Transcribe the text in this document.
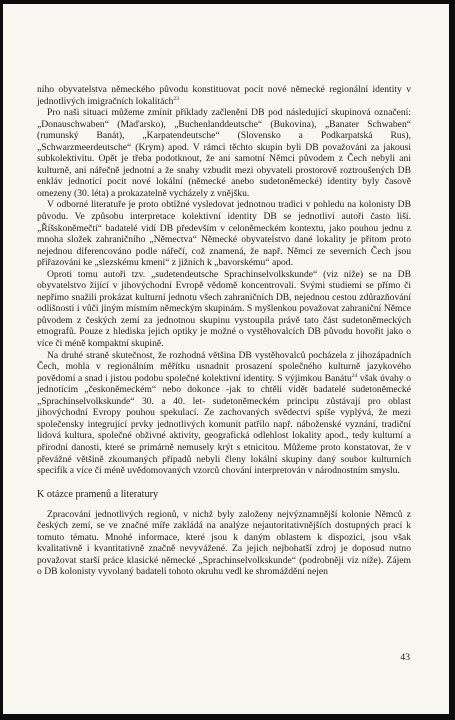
ního obyvatelstva německého původu konstituovat pocit nové německé regionální identity v jednotlivých imigračních lokalitách$^{23}$

Pro naši situaci můžeme zmínit příklady začlenění DB pod následující skupinová označení: „Donauschwaben“ (Maďarsko), „Buchenlanddeutsche“ (Bukovina), „Banater Schwaben“ (rumunský Banát), „Karpatendeutsche“ (Slovensko a Podkarpatská Rus), „Schwarzmeerdeutsche“ (Krym) apod. V rámci těchto skupin byli DB považováni za jakousi subkolektivitu. Opět je třeba podotknout, že ani samotní Němci původem z Čech nebyli ani kulturně, ani nářečně jednotní a že snahy vzbudit mezi obyvateli prostorově roztroušených DB enkláv jednotící pocit nové lokální (německé anebo sudetoněmecké) identity byly časově omezeny (30. léta) a prokazatelně vycházely z vnějšku.

V odborné literatuře je proto obtížné vysledovat jednotnou tradici v pohledu na kolonisty DB původu. Ve způsobu interpretace kolektivní identity DB se jednotliví autoři často liší. „Říšskoněmečtí“ badatelé vidí DB především v celoněmeckém kontextu, jako pouhou jednu z mnoha složek zahraničního „Němectva“ Německé obyvatelstvo dané lokality je přitom proto nejednou diferencováno podle nářečí, což znamená, že např. Němci ze severních Čech jsou přiřazováni ke „slezskému kmeni“ z jižních k „bavorskému“ apod.

Oproti tomu autoři tzv. „sudetendeutsche Sprachinselvolkskunde“ (viz níže) se na DB obyvatelstvo žijící v jihovýchodní Evropě vědomě koncentrovali. Svými studiemi se přímo či nepřímo snažili prokázat kulturní jednotu všech zahraničních DB, nejednou cestou zdůrazňování odlišností i vůči jiným místním německým skupinám. S myšlenkou považovat zahraniční Němce původem z českých zemí za jednotnou skupinu vystoupila právě tato část sudetoněmeckých etnografů. Pouze z hlediska jejich optiky je možné o vystěhovalcích DB původu hovořit jako o více či méně kompaktní skupině.

Na druhé straně skutečnost, že rozhodná většina DB vystěhovalců pocházela z jihozápadních Čech, mohla v regionálním měřítku usnadnit prosazení společného kulturně jazykového povědomí a snad i jistou podobu společné kolektivní identity. S výjimkou Banátu$^{24}$ však úvahy o jednotícím „českoněmeckém“ nebo dokonce -jak to chtěli vidět badatelé sudetoněmecké „Sprachinselvolkskunde“ 30. a 40. let- sudetoněmeckém principu zůstávají pro oblast jihovýchodní Evropy pouhou spekulací. Ze zachovaných svědectví spíše vyplývá, že mezi společensky integrující prvky jednotlivých komunit patřilo např. náboženské vyznání, tradiční lidová kultura, společné obživné aktivity, geografická odlehlost lokality apod., tedy kulturní a přírodní danosti, které se primárně nemusely krýt s etnicitou. Můžeme proto konstatovat, že v převážné většině zkoumaných případů nebyli členy lokální skupiny daný soubor kulturních specifik a více či méně uvědomovaných vzorců chování interpretován v národnostním smyslu.

K otázce pramenů a literatury

Zpracování jednotlivých regionů, v nichž byly založeny nejvýznamnější kolonie Němců z českých zemí, se ve značné míře zakládá na analýze nejautoritativnějších dostupných prací k tomuto tématu. Mnohé informace, které jsou k daným oblastem k dispozici, jsou však kvalitativně i kvantitativně značně nevyvážené. Za jejich nejbohatší zdroj je doposud nutno považovat starší práce klasické německé „Sprachinselvolkskunde“ (podrobněji viz níže). Zájem o DB kolonisty vyvolaný badateli tohoto okruhu vedl ke shromáždění nejen

43
